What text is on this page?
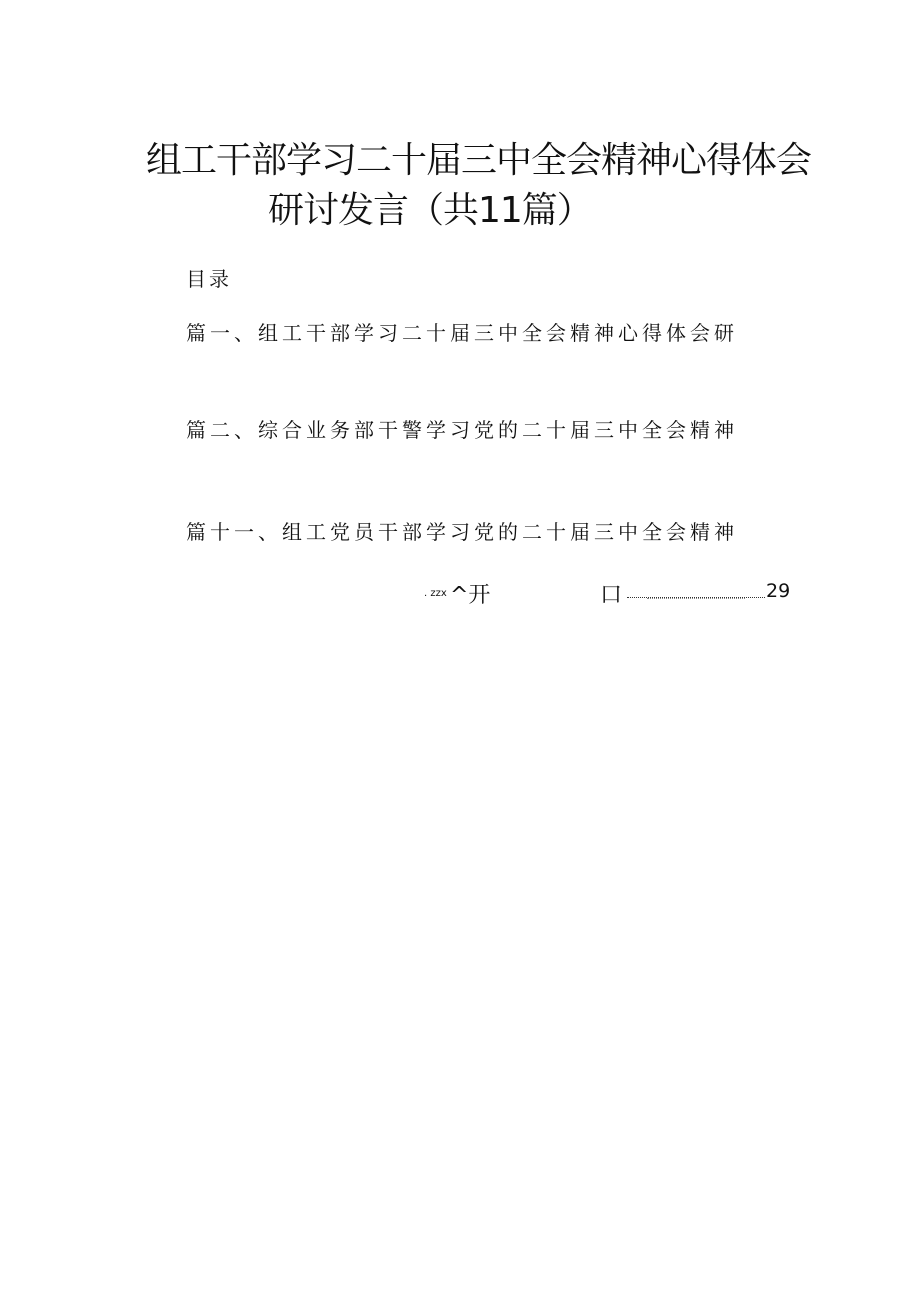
组工干部学习二十届三中全会精神心得体会
研讨发言（共11篇）
目录
篇一、组工干部学习二十届三中全会精神心得体会研
篇二、综合业务部干警学习党的二十届三中全会精神
篇十一、组工党员干部学习党的二十届三中全会精神
. zzx ^开	口	29
